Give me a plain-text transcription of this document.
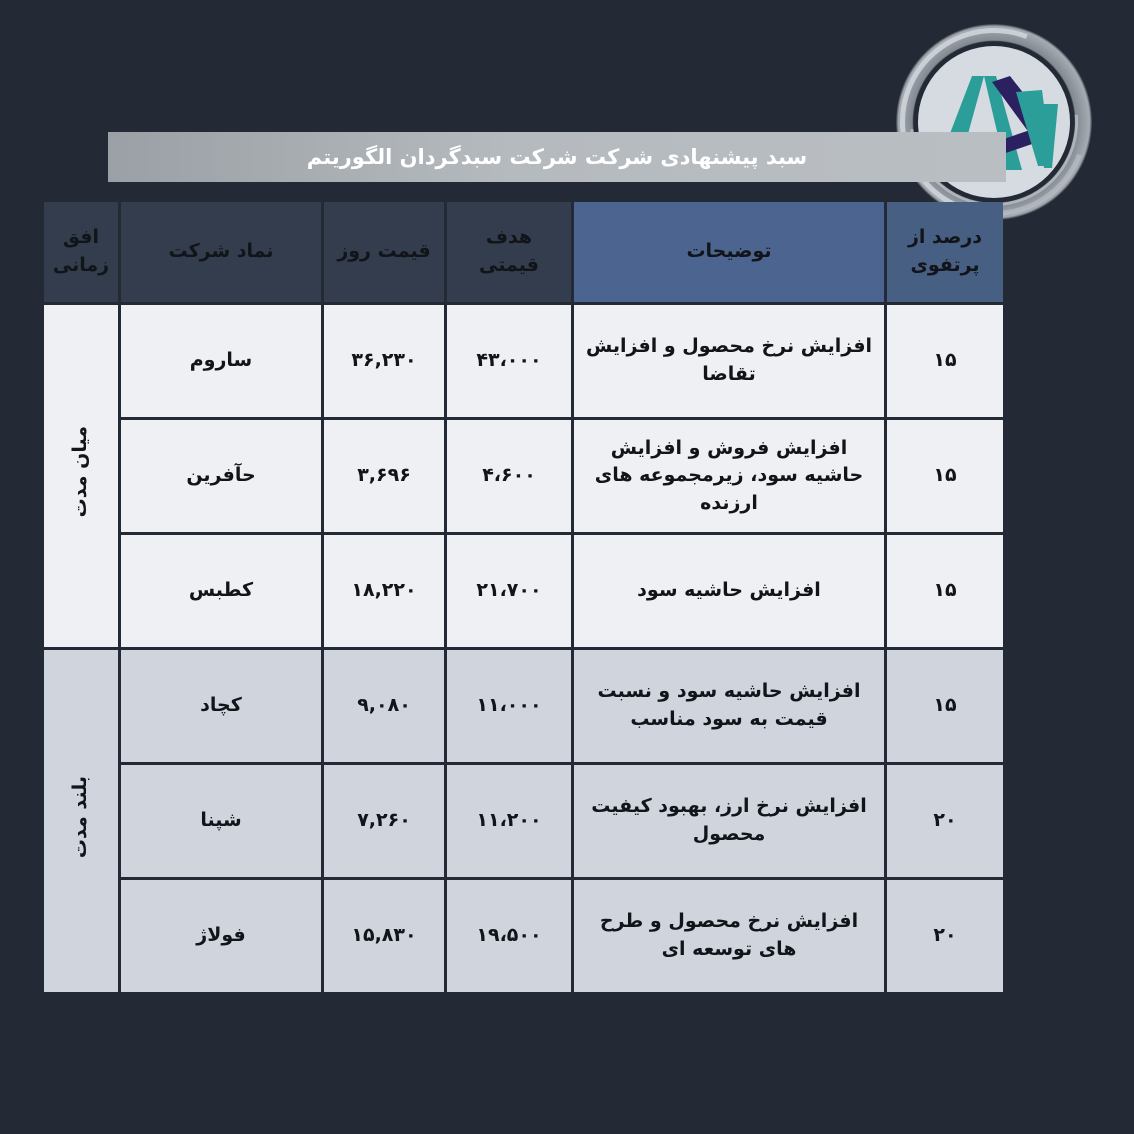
سبد پیشنهادی شرکت شرکت سبدگردان الگوریتم
درصد از پرتفوی	توضیحات	هدف قیمتی	قیمت روز	نماد شرکت	افق زمانی
۱۵	افزایش نرخ محصول و افزایش تقاضا	۴۳،۰۰۰	۳۶,۲۳۰	ساروم	میان مدت
۱۵	افزایش فروش و افزایش حاشیه سود، زیرمجموعه های ارزنده	۴،۶۰۰	۳,۶۹۶	حآفرین	
۱۵	افزایش حاشیه سود	۲۱،۷۰۰	۱۸,۲۲۰	کطبس	
۱۵	افزایش حاشیه سود و نسبت قیمت به سود مناسب	۱۱،۰۰۰	۹,۰۸۰	کچاد	بلند مدت
۲۰	افزایش نرخ ارز، بهبود کیفیت محصول	۱۱،۲۰۰	۷,۲۶۰	شپنا	
۲۰	افزایش نرخ محصول و طرح های توسعه ای	۱۹،۵۰۰	۱۵,۸۳۰	فولاژ	
